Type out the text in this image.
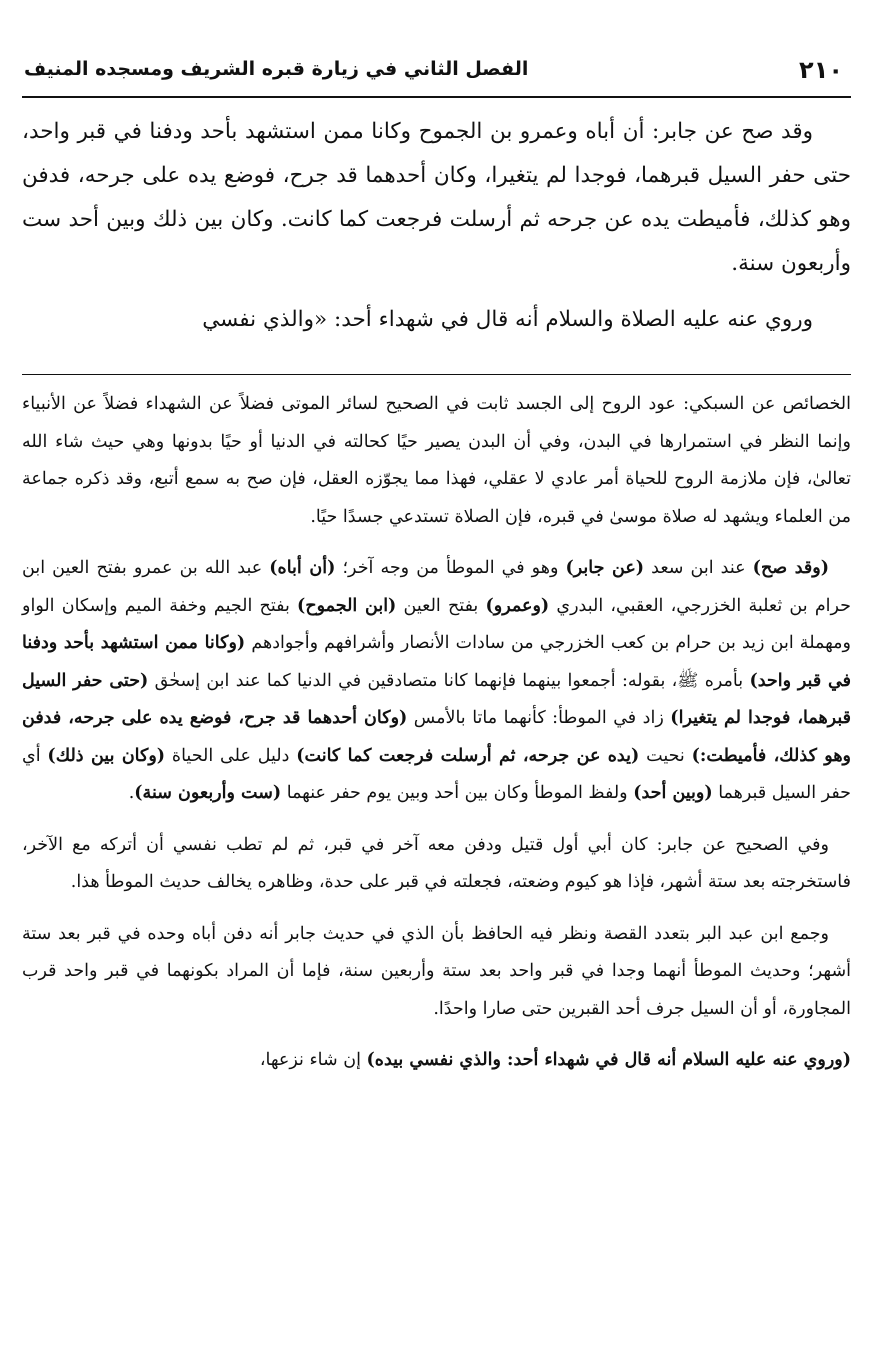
٢١٠
الفصل الثاني في زيارة قبره الشريف ومسجده المنيف

وقد صح عن جابر: أن أباه وعمرو بن الجموح وكانا ممن استشهد بأحد ودفنا في قبر واحد، حتى حفر السيل قبرهما، فوجدا لم يتغيرا، وكان أحدهما قد جرح، فوضع يده على جرحه، فدفن وهو كذلك، فأميطت يده عن جرحه ثم أرسلت فرجعت كما كانت. وكان بين ذلك وبين أحد ست وأربعون سنة.

وروي عنه عليه الصلاة والسلام أنه قال في شهداء أحد: «والذي نفسي

الخصائص عن السبكي: عود الروح إلى الجسد ثابت في الصحيح لسائر الموتى فضلاً عن الشهداء فضلاً عن الأنبياء وإنما النظر في استمرارها في البدن، وفي أن البدن يصير حيًا كحالته في الدنيا أو حيًا بدونها وهي حيث شاء الله تعالىٰ، فإن ملازمة الروح للحياة أمر عادي لا عقلي، فهذا مما يجوّزه العقل، فإن صح به سمع أتبع، وقد ذكره جماعة من العلماء ويشهد له صلاة موسىٰ في قبره، فإن الصلاة تستدعي جسدًا حيًا.

(وقد صح) عند ابن سعد (عن جابر) وهو في الموطأ من وجه آخر؛ (أن أباه) عبد الله بن عمرو بفتح العين ابن حرام بن ثعلبة الخزرجي، العقبي، البدري (وعمرو) بفتح العين (ابن الجموح) بفتح الجيم وخفة الميم وإسكان الواو ومهملة ابن زيد بن حرام بن كعب الخزرجي من سادات الأنصار وأشرافهم وأجوادهم (وكانا ممن استشهد بأحد ودفنا في قبر واحد) بأمره ﷺ، بقوله: أجمعوا بينهما فإنهما كانا متصادقين في الدنيا كما عند ابن إسحٰق (حتى حفر السيل قبرهما، فوجدا لم يتغيرا) زاد في الموطأ: كأنهما ماتا بالأمس (وكان أحدهما قد جرح، فوضع يده على جرحه، فدفن وهو كذلك، فأميطت:) نحيت (يده عن جرحه، ثم أرسلت فرجعت كما كانت) دليل على الحياة (وكان بين ذلك) أي حفر السيل قبرهما (وبين أحد) ولفظ الموطأ وكان بين أحد وبين يوم حفر عنهما (ست وأربعون سنة).

وفي الصحيح عن جابر: كان أبي أول قتيل ودفن معه آخر في قبر، ثم لم تطب نفسي أن أتركه مع الآخر، فاستخرجته بعد ستة أشهر، فإذا هو كيوم وضعته، فجعلته في قبر على حدة، وظاهره يخالف حديث الموطأ هذا.

وجمع ابن عبد البر بتعدد القصة ونظر فيه الحافظ بأن الذي في حديث جابر أنه دفن أباه وحده في قبر بعد ستة أشهر؛ وحديث الموطأ أنهما وجدا في قبر واحد بعد ستة وأربعين سنة، فإما أن المراد بكونهما في قبر واحد قرب المجاورة، أو أن السيل جرف أحد القبرين حتى صارا واحدًا.

(وروي عنه عليه السلام أنه قال في شهداء أحد: والذي نفسي بيده) إن شاء نزعها،
